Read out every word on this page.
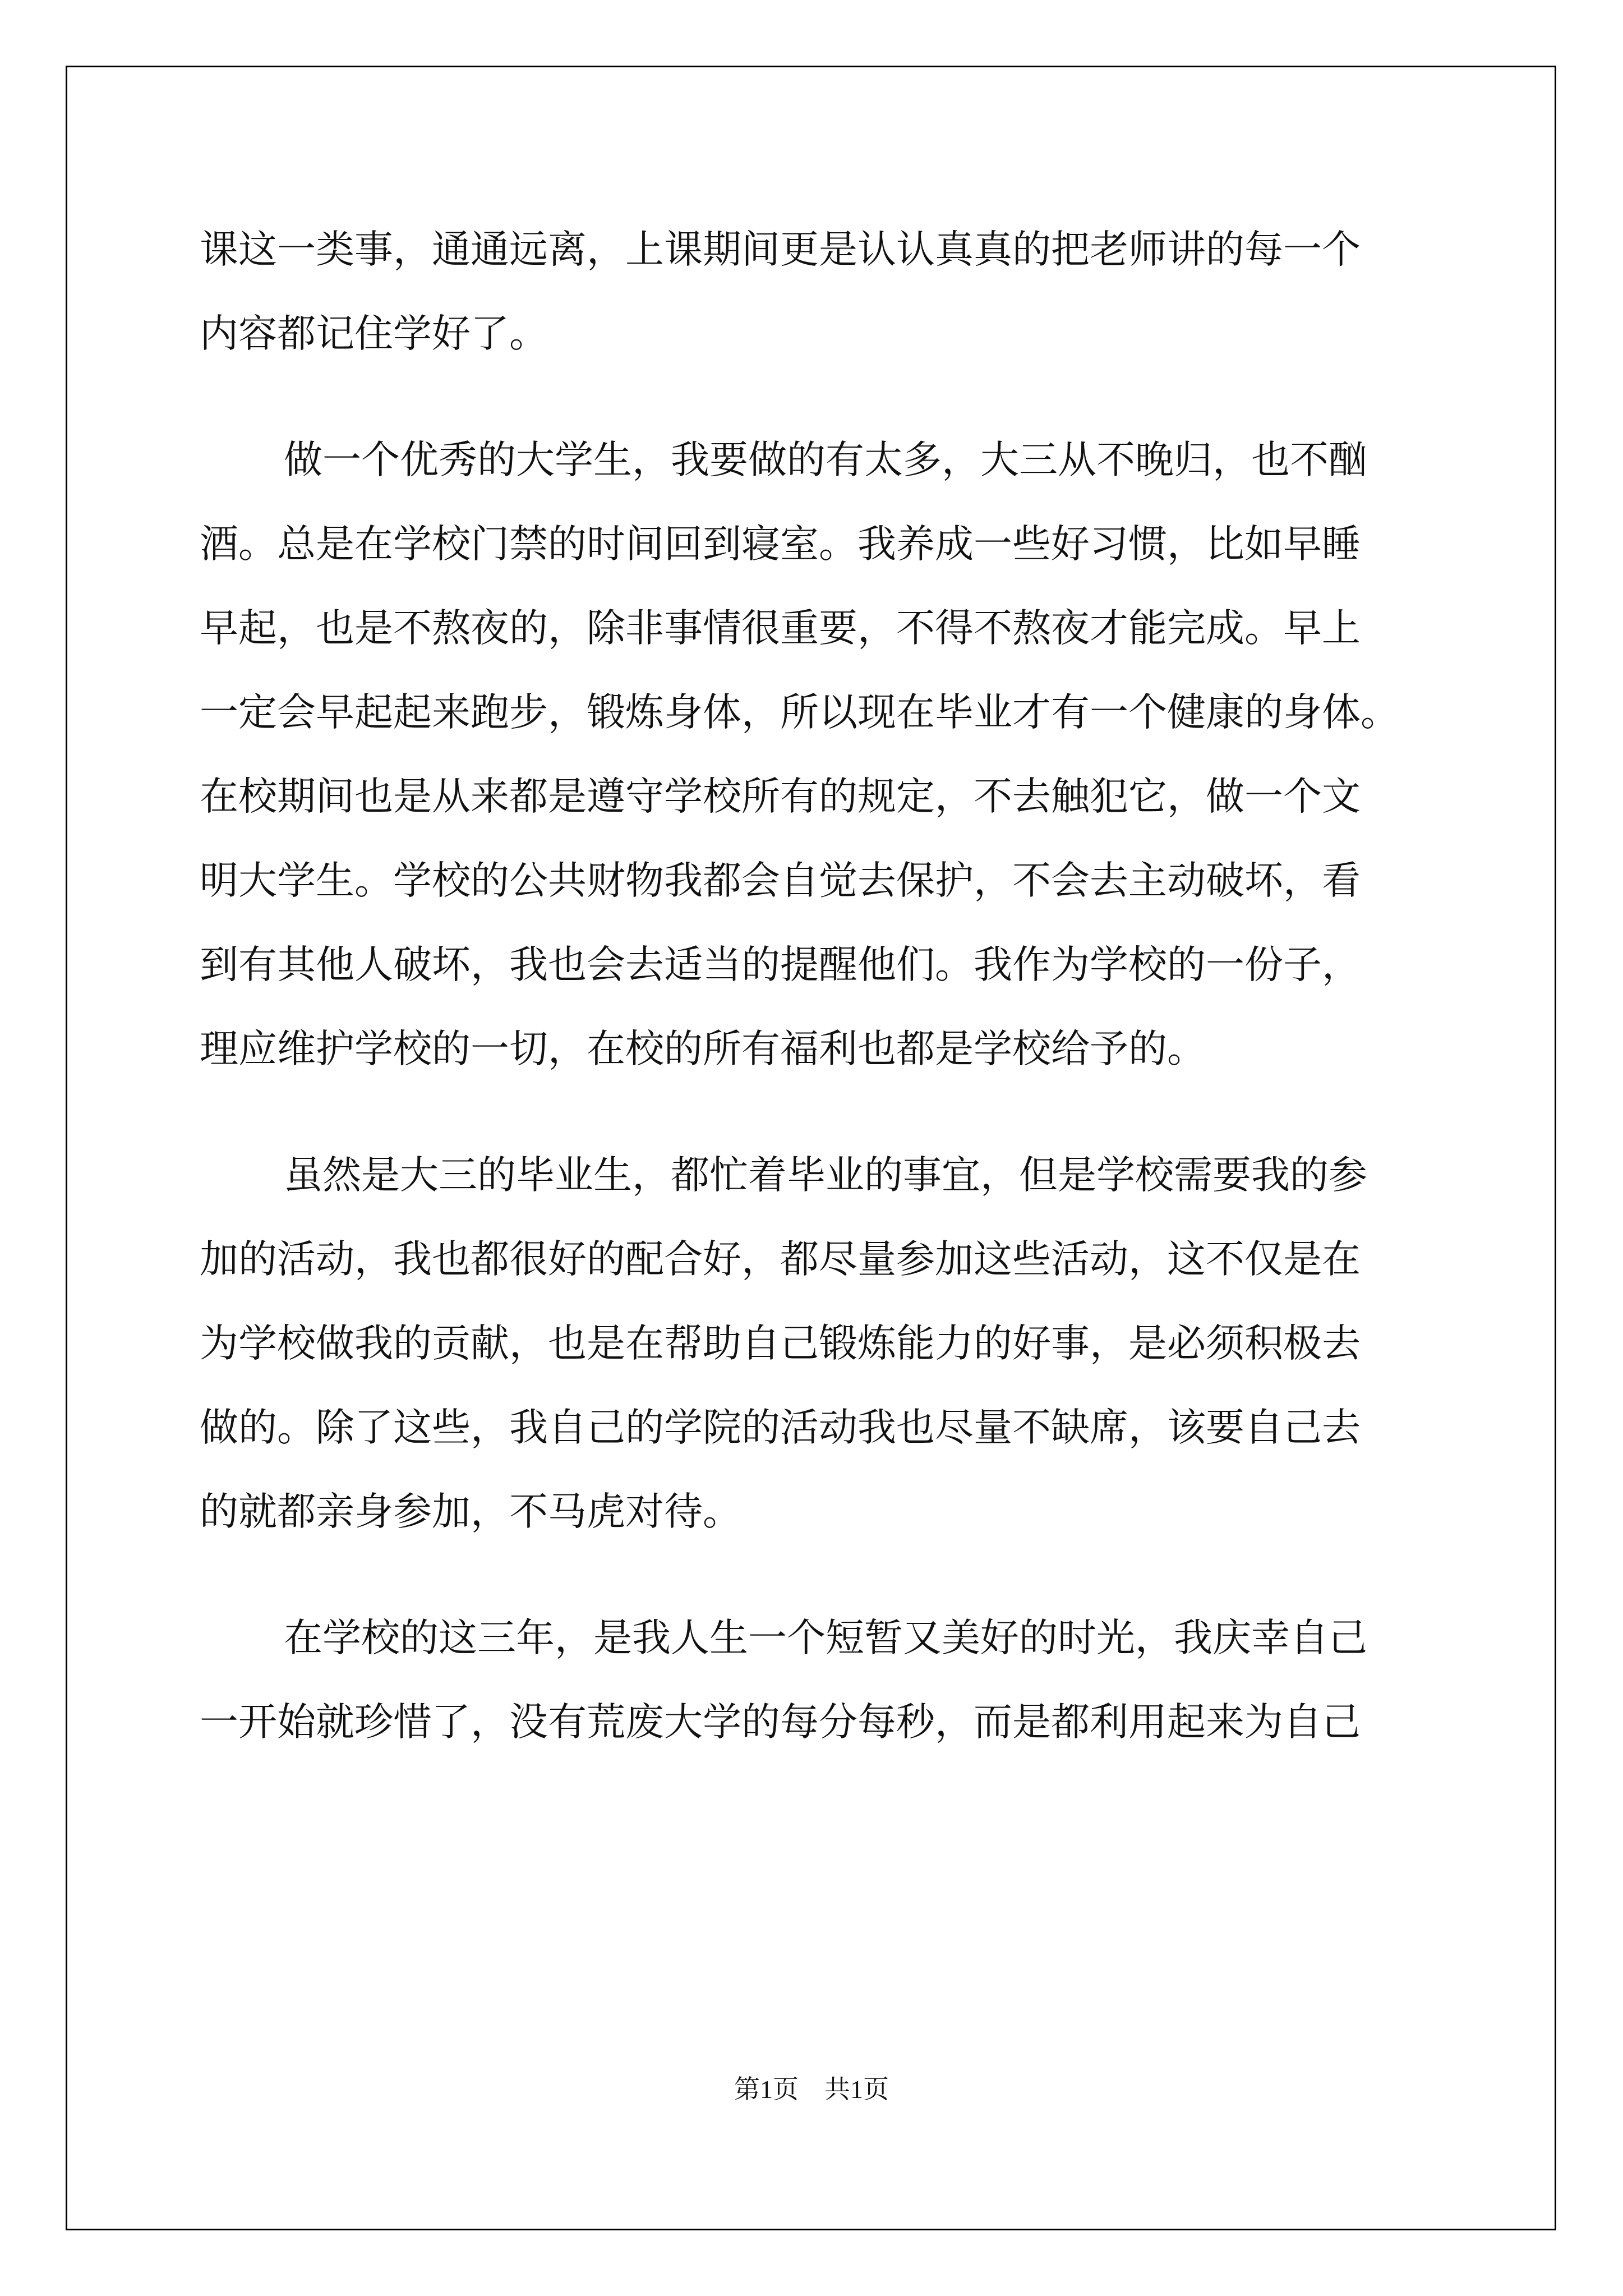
课这一类事，通通远离，上课期间更是认认真真的把老师讲的每一个
内容都记住学好了。
做一个优秀的大学生，我要做的有太多，大三从不晚归，也不酗
酒。总是在学校门禁的时间回到寝室。我养成一些好习惯，比如早睡
早起，也是不熬夜的，除非事情很重要，不得不熬夜才能完成。早上
一定会早起起来跑步，锻炼身体，所以现在毕业才有一个健康的身体。
在校期间也是从来都是遵守学校所有的规定，不去触犯它，做一个文
明大学生。学校的公共财物我都会自觉去保护，不会去主动破坏，看
到有其他人破坏，我也会去适当的提醒他们。我作为学校的一份子，
理应维护学校的一切，在校的所有福利也都是学校给予的。
虽然是大三的毕业生，都忙着毕业的事宜，但是学校需要我的参
加的活动，我也都很好的配合好，都尽量参加这些活动，这不仅是在
为学校做我的贡献，也是在帮助自己锻炼能力的好事，是必须积极去
做的。除了这些，我自己的学院的活动我也尽量不缺席，该要自己去
的就都亲身参加，不马虎对待。
在学校的这三年，是我人生一个短暂又美好的时光，我庆幸自己
一开始就珍惜了，没有荒废大学的每分每秒，而是都利用起来为自己
第1页　共1页
